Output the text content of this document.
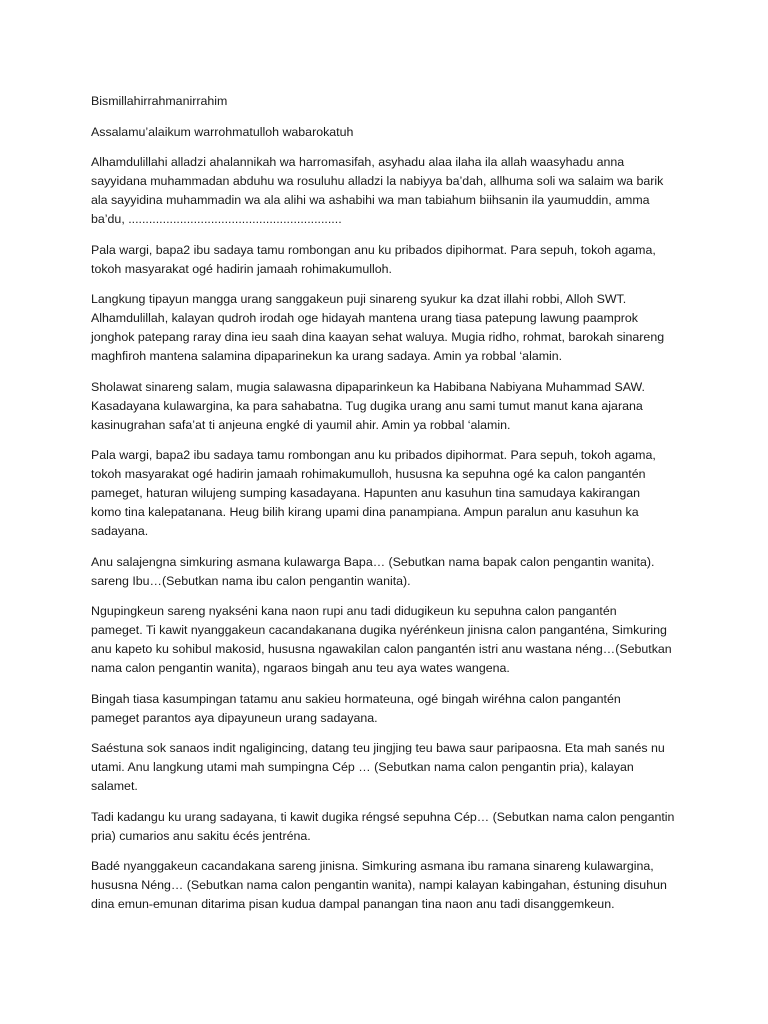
Bismillahirrahmanirrahim

Assalamu’alaikum warrohmatulloh wabarokatuh

Alhamdulillahi alladzi ahalannikah wa harromasifah, asyhadu alaa ilaha ila allah waasyhadu anna
sayyidana muhammadan abduhu wa rosuluhu alladzi la nabiyya ba’dah, allhuma soli wa salaim wa barik
ala sayyidina muhammadin wa ala alihi wa ashabihi wa man tabiahum biihsanin ila yaumuddin, amma
ba’du, ..............................................................

Pala wargi, bapa2 ibu sadaya tamu rombongan anu ku pribados dipihormat. Para sepuh, tokoh agama,
tokoh masyarakat ogé hadirin jamaah rohimakumulloh.

Langkung tipayun mangga urang sanggakeun puji sinareng syukur ka dzat illahi robbi, Alloh SWT.
Alhamdulillah, kalayan qudroh irodah oge hidayah mantena urang tiasa patepung lawung paamprok
jonghok patepang raray dina ieu saah dina kaayan sehat waluya. Mugia ridho, rohmat, barokah sinareng
maghfiroh mantena salamina dipaparinekun ka urang sadaya. Amin ya robbal ‘alamin.

Sholawat sinareng salam, mugia salawasna dipaparinkeun ka Habibana Nabiyana Muhammad SAW.
Kasadayana kulawargina, ka para sahabatna. Tug dugika urang anu sami tumut manut kana ajarana
kasinugrahan safa’at ti anjeuna engké di yaumil ahir. Amin ya robbal ‘alamin.

Pala wargi, bapa2 ibu sadaya tamu rombongan anu ku pribados dipihormat. Para sepuh, tokoh agama,
tokoh masyarakat ogé hadirin jamaah rohimakumulloh, hususna ka sepuhna ogé ka calon pangantén
pameget, haturan wilujeng sumping kasadayana. Hapunten anu kasuhun tina samudaya kakirangan
komo tina kalepatanana. Heug bilih kirang upami dina panampiana. Ampun paralun anu kasuhun ka
sadayana.

Anu salajengna simkuring asmana kulawarga Bapa… (Sebutkan nama bapak calon pengantin wanita).
sareng Ibu…(Sebutkan nama ibu calon pengantin wanita).

Ngupingkeun sareng nyakséni kana naon rupi anu tadi didugikeun ku sepuhna calon pangantén
pameget. Ti kawit nyanggakeun cacandakanana dugika nyérénkeun jinisna calon panganténa, Simkuring
anu kapeto ku sohibul makosid, hususna ngawakilan calon pangantén istri anu wastana néng…(Sebutkan
nama calon pengantin wanita), ngaraos bingah anu teu aya wates wangena.

Bingah tiasa kasumpingan tatamu anu sakieu hormateuna, ogé bingah wiréhna calon pangantén
pameget parantos aya dipayuneun urang sadayana.

Saéstuna sok sanaos indit ngaligincing, datang teu jingjing teu bawa saur paripaosna. Eta mah sanés nu
utami. Anu langkung utami mah sumpingna Cép … (Sebutkan nama calon pengantin pria), kalayan
salamet.

Tadi kadangu ku urang sadayana, ti kawit dugika réngsé sepuhna Cép… (Sebutkan nama calon pengantin
pria) cumarios anu sakitu écés jentréna.

Badé nyanggakeun cacandakana sareng jinisna. Simkuring asmana ibu ramana sinareng kulawargina,
hususna Néng… (Sebutkan nama calon pengantin wanita), nampi kalayan kabingahan, éstuning disuhun
dina emun-emunan ditarima pisan kudua dampal panangan tina naon anu tadi disanggemkeun.
